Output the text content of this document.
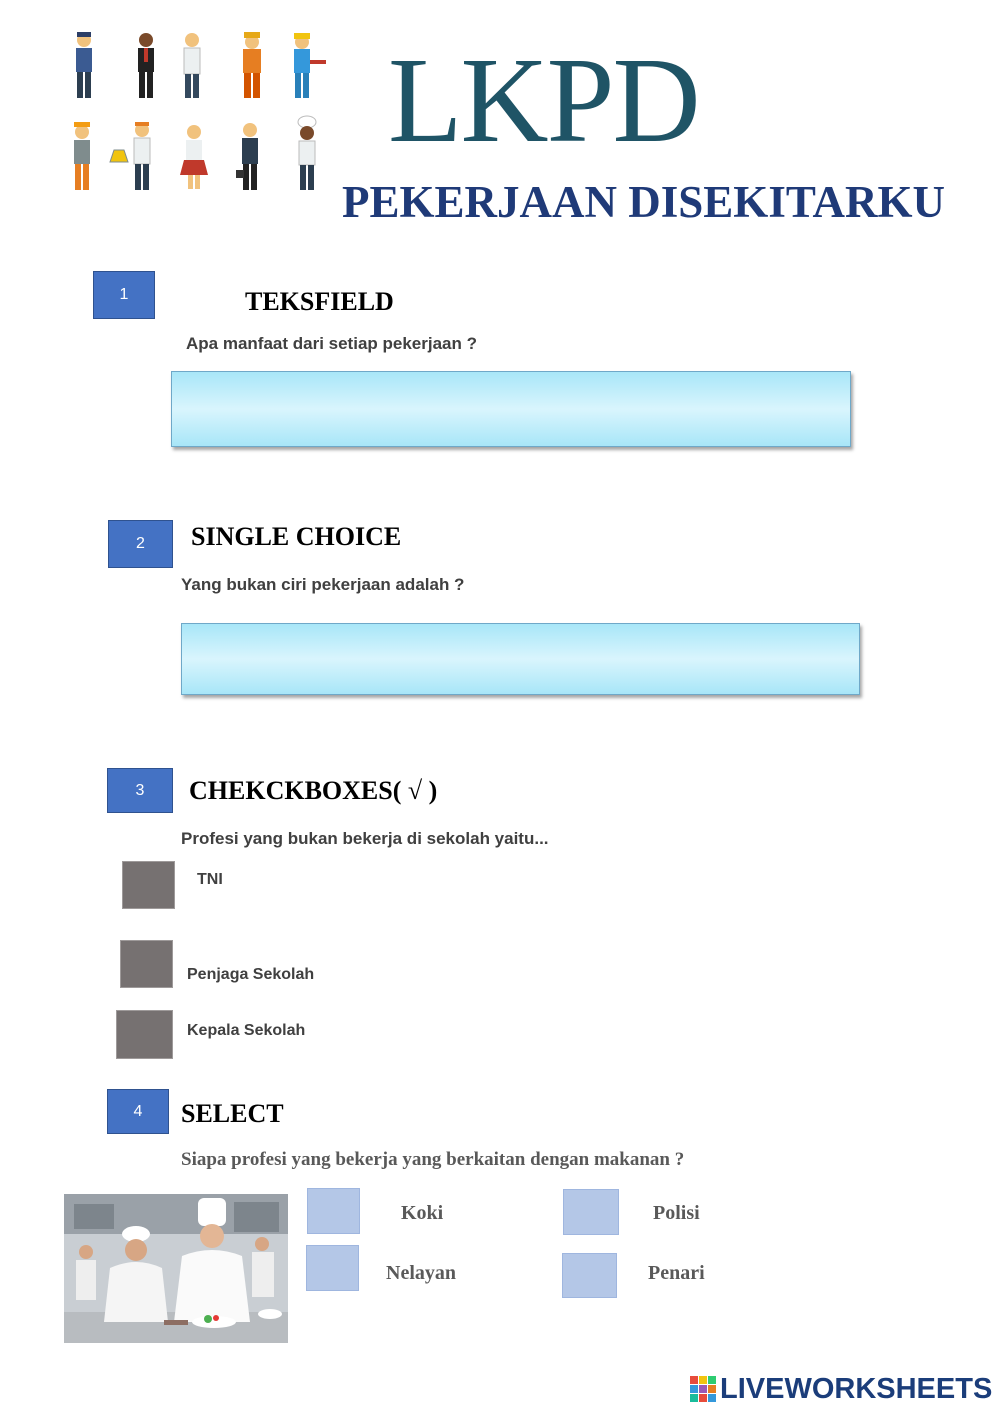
LKPD
PEKERJAAN DISEKITARKU
1	TEKSFIELD
Apa manfaat dari setiap pekerjaan ?
2	SINGLE CHOICE
Yang bukan ciri pekerjaan adalah ?
3	CHEKCKBOXES( √ )
Profesi yang bukan bekerja di sekolah yaitu...
TNI
Penjaga Sekolah
Kepala Sekolah
4	SELECT
Siapa profesi yang bekerja yang berkaitan dengan makanan ?
Koki	Polisi
Nelayan	Penari
LIVEWORKSHEETS
